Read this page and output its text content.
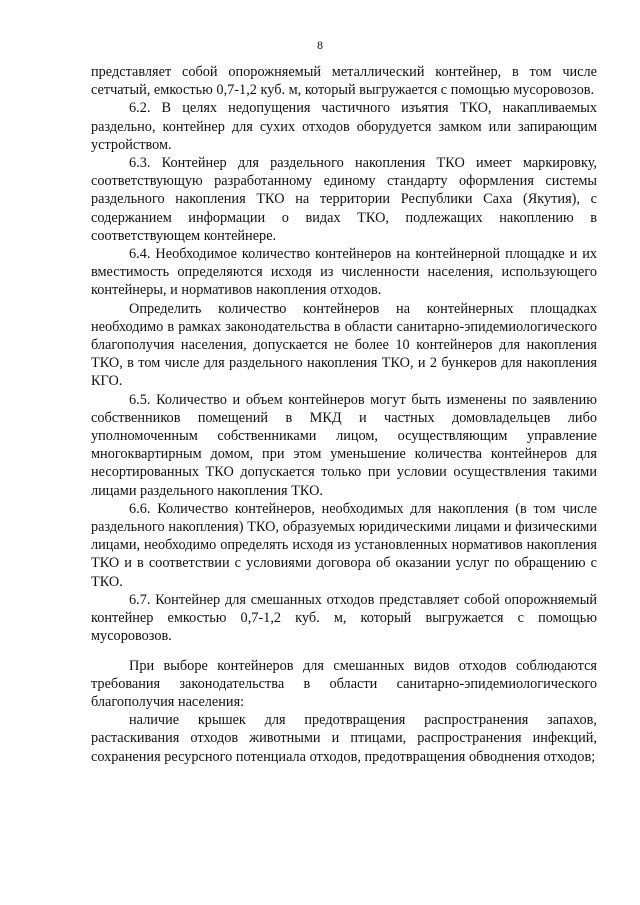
8

представляет собой опорожняемый металлический контейнер, в том числе сетчатый, емкостью 0,7-1,2 куб. м, который выгружается с помощью мусоровозов.

6.2. В целях недопущения частичного изъятия ТКО, накапливаемых раздельно, контейнер для сухих отходов оборудуется замком или запирающим устройством.

6.3. Контейнер для раздельного накопления ТКО имеет маркировку, соответствующую разработанному единому стандарту оформления системы раздельного накопления ТКО на территории Республики Саха (Якутия), с содержанием информации о видах ТКО, подлежащих накоплению в соответствующем контейнере.

6.4. Необходимое количество контейнеров на контейнерной площадке и их вместимость определяются исходя из численности населения, использующего контейнеры, и нормативов накопления отходов.

Определить количество контейнеров на контейнерных площадках необходимо в рамках законодательства в области санитарно-эпидемиологического благополучия населения, допускается не более 10 контейнеров для накопления ТКО, в том числе для раздельного накопления ТКО, и 2 бункеров для накопления КГО.

6.5. Количество и объем контейнеров могут быть изменены по заявлению собственников помещений в МКД и частных домовладельцев либо уполномоченным собственниками лицом, осуществляющим управление многоквартирным домом, при этом уменьшение количества контейнеров для несортированных ТКО допускается только при условии осуществления такими лицами раздельного накопления ТКО.

6.6. Количество контейнеров, необходимых для накопления (в том числе раздельного накопления) ТКО, образуемых юридическими лицами и физическими лицами, необходимо определять исходя из установленных нормативов накопления ТКО и в соответствии с условиями договора об оказании услуг по обращению с ТКО.

6.7. Контейнер для смешанных отходов представляет собой опорожняемый контейнер емкостью 0,7-1,2 куб. м, который выгружается с помощью мусоровозов.

При выборе контейнеров для смешанных видов отходов соблюдаются требования законодательства в области санитарно-эпидемиологического благополучия населения:

наличие крышек для предотвращения распространения запахов, растаскивания отходов животными и птицами, распространения инфекций, сохранения ресурсного потенциала отходов, предотвращения обводнения отходов;
